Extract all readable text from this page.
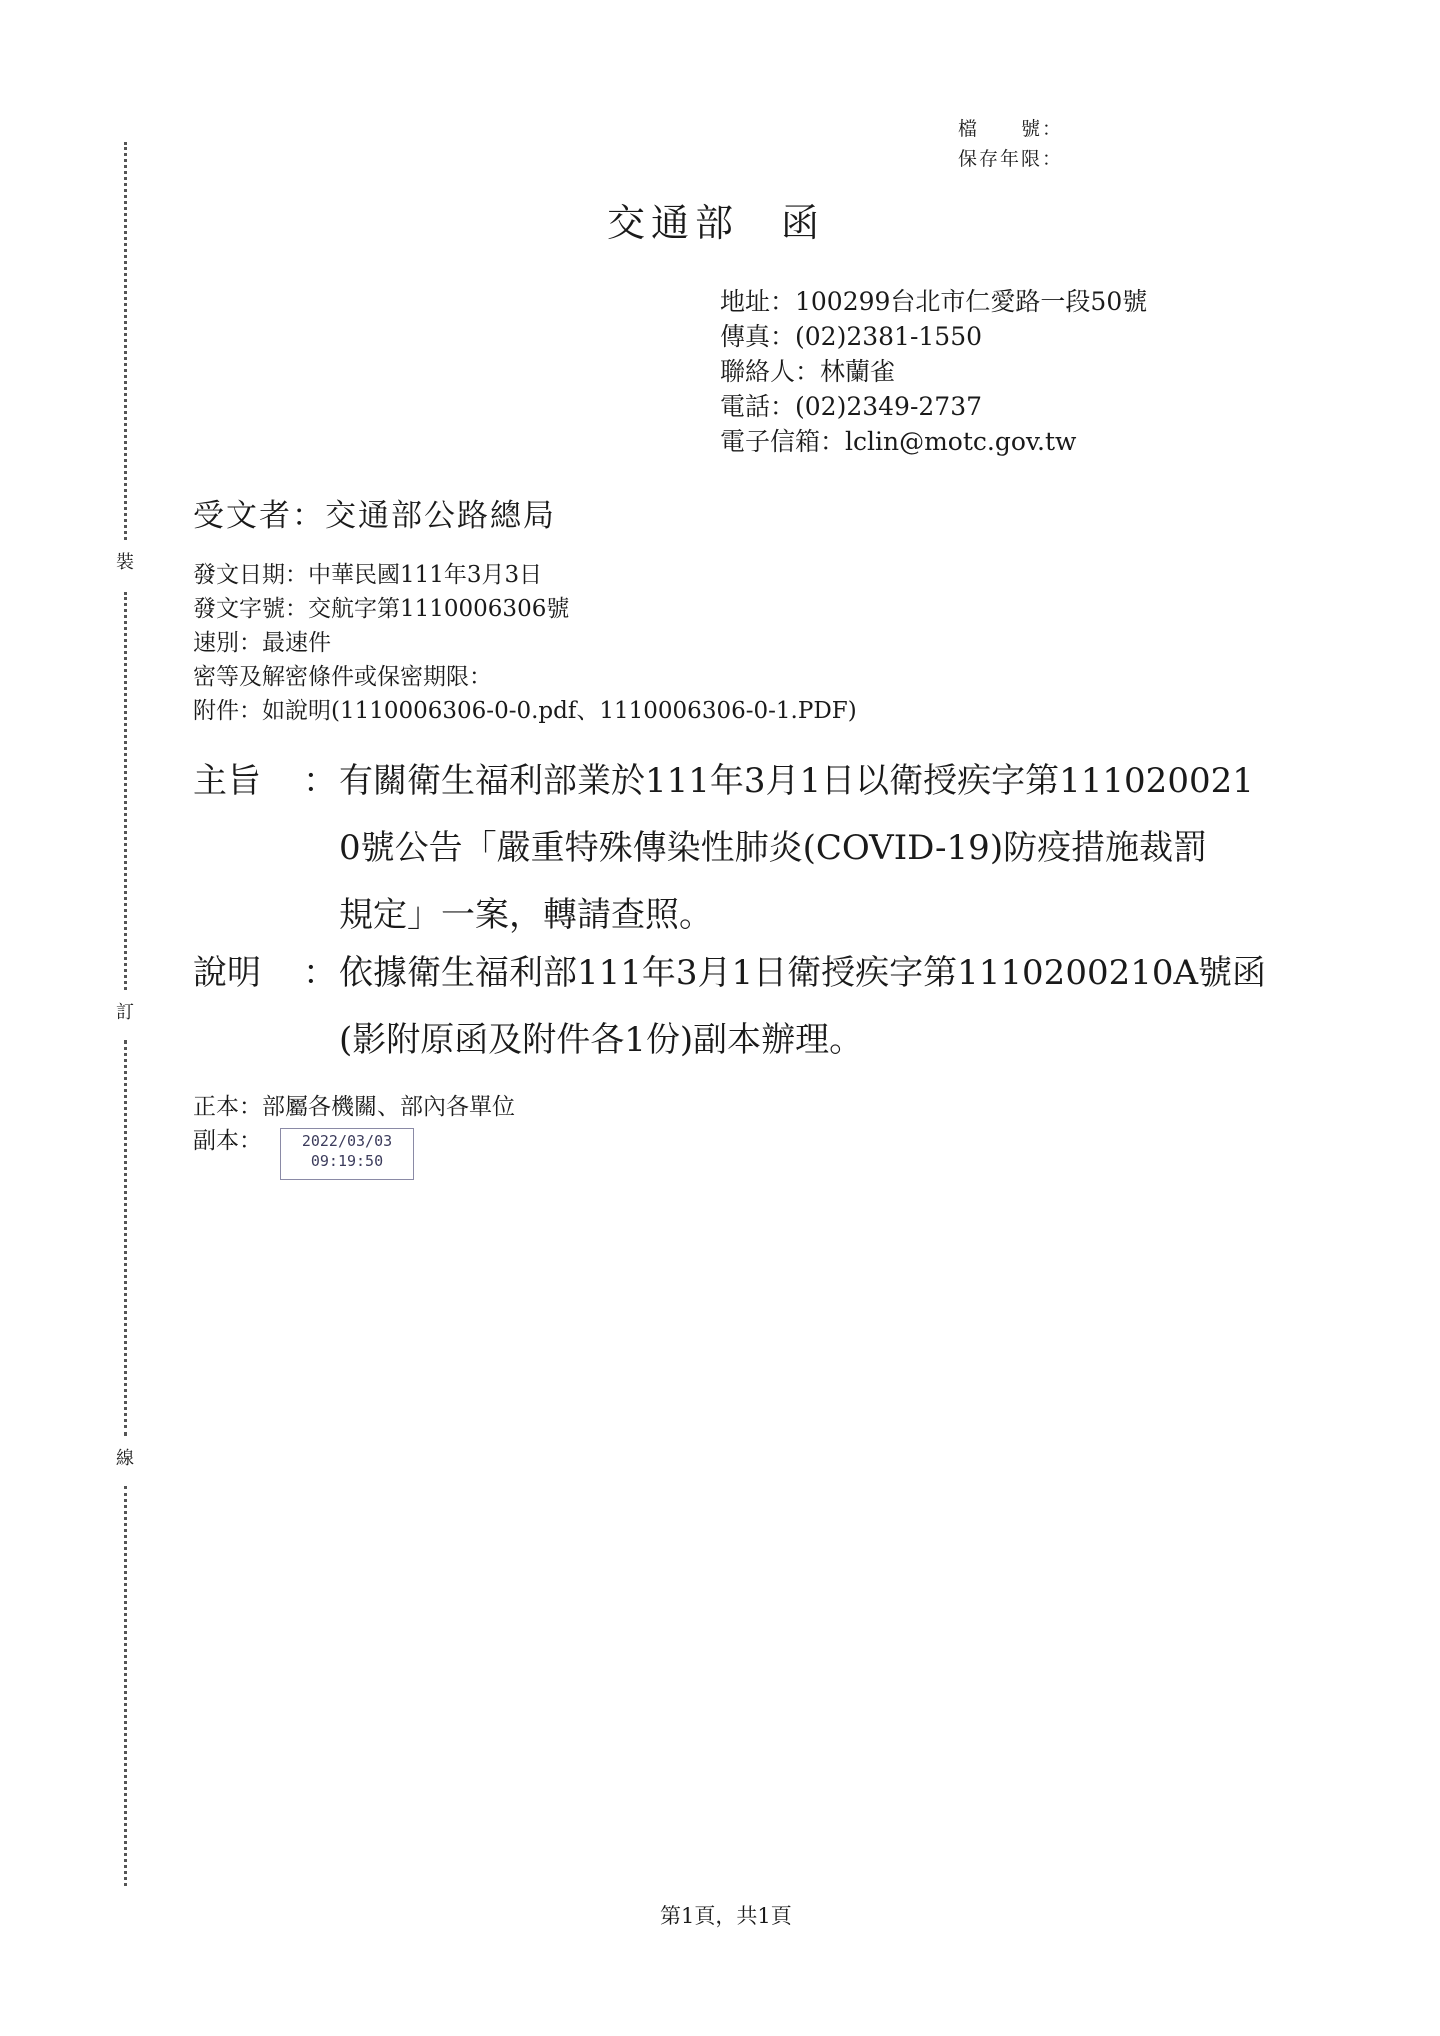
裝
訂
線
檔　　號：
保存年限：
交通部 函
地址：100299台北市仁愛路一段50號
傳真：(02)2381-1550
聯絡人：林蘭雀
電話：(02)2349-2737
電子信箱：lclin@motc.gov.tw
受文者：交通部公路總局
發文日期：中華民國111年3月3日
發文字號：交航字第1110006306號
速別：最速件
密等及解密條件或保密期限：
附件：如說明(1110006306-0-0.pdf、1110006306-0-1.PDF)
主旨	： 有關衛生福利部業於111年3月1日以衛授疾字第111020021
0號公告「嚴重特殊傳染性肺炎(COVID-19)防疫措施裁罰
規定」一案，轉請查照。
說明	： 依據衛生福利部111年3月1日衛授疾字第1110200210A號函
(影附原函及附件各1份)副本辦理。
正本：部屬各機關、部內各單位
副本：	2022/03/03
09:19:50
第1頁，共1頁
